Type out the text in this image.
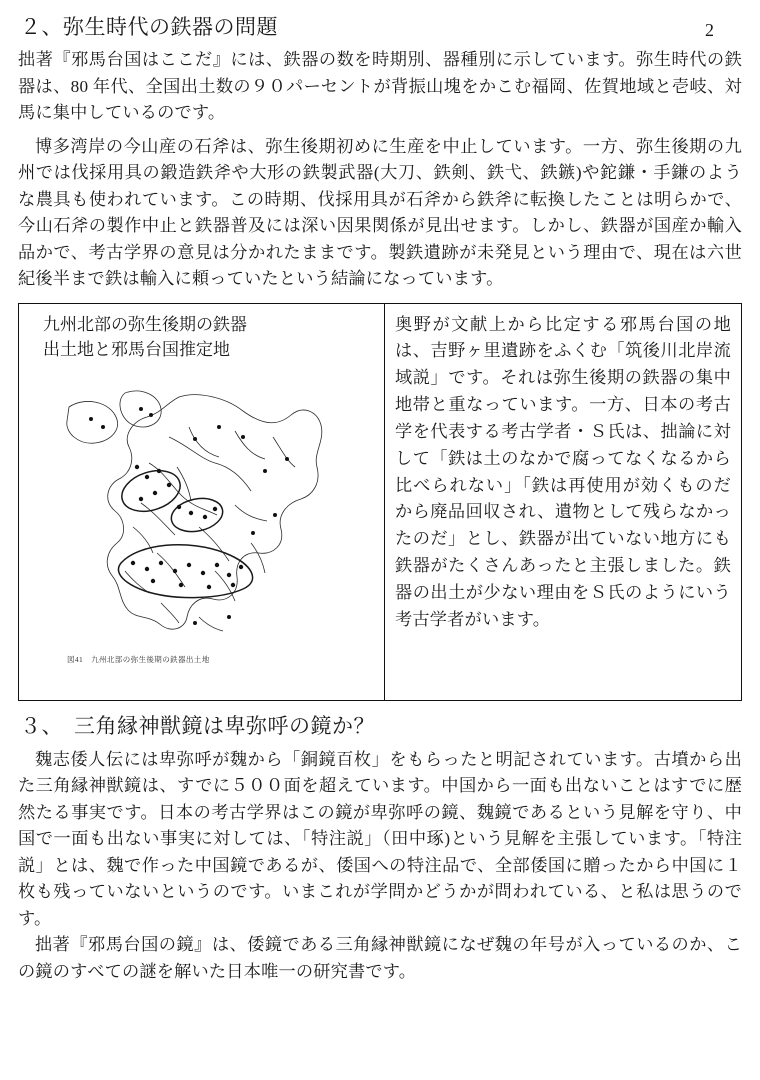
２、弥生時代の鉄器の問題	2

拙著『邪馬台国はここだ』には、鉄器の数を時期別、器種別に示しています。弥生時代の鉄器は、80 年代、全国出土数の９０パーセントが背振山塊をかこむ福岡、佐賀地域と壱岐、対馬に集中しているのです。

博多湾岸の今山産の石斧は、弥生後期初めに生産を中止しています。一方、弥生後期の九州では伐採用具の鍛造鉄斧や大形の鉄製武器(大刀、鉄剣、鉄弋、鉄鏃)や鉈鎌・手鎌のような農具も使われています。この時期、伐採用具が石斧から鉄斧に転換したことは明らかで、今山石斧の製作中止と鉄器普及には深い因果関係が見出せます。しかし、鉄器が国産か輸入品かで、考古学界の意見は分かれたままです。製鉄遺跡が未発見という理由で、現在は六世紀後半まで鉄は輸入に頼っていたという結論になっています。

九州北部の弥生後期の鉄器
出土地と邪馬台国推定地
図41　九州北部の弥生後期の鉄器出土地

奥野が文献上から比定する邪馬台国の地は、吉野ヶ里遺跡をふくむ「筑後川北岸流域説」です。それは弥生後期の鉄器の集中地帯と重なっています。一方、日本の考古学を代表する考古学者・Ｓ氏は、拙論に対して「鉄は土のなかで腐ってなくなるから比べられない」「鉄は再使用が効くものだから廃品回収され、遺物として残らなかったのだ」とし、鉄器が出ていない地方にも鉄器がたくさんあったと主張しました。鉄器の出土が少ない理由をＳ氏のようにいう考古学者がいます。

３、　三角縁神獣鏡は卑弥呼の鏡か？

魏志倭人伝には卑弥呼が魏から「銅鏡百枚」をもらったと明記されています。古墳から出た三角縁神獣鏡は、すでに５００面を超えています。中国から一面も出ないことはすでに歴然たる事実です。日本の考古学界はこの鏡が卑弥呼の鏡、魏鏡であるという見解を守り、中国で一面も出ない事実に対しては、「特注説」（田中琢)という見解を主張しています。「特注説」とは、魏で作った中国鏡であるが、倭国への特注品で、全部倭国に贈ったから中国に１枚も残っていないというのです。いまこれが学問かどうかが問われている、と私は思うのです。

拙著『邪馬台国の鏡』は、倭鏡である三角縁神獣鏡になぜ魏の年号が入っているのか、この鏡のすべての謎を解いた日本唯一の研究書です。
